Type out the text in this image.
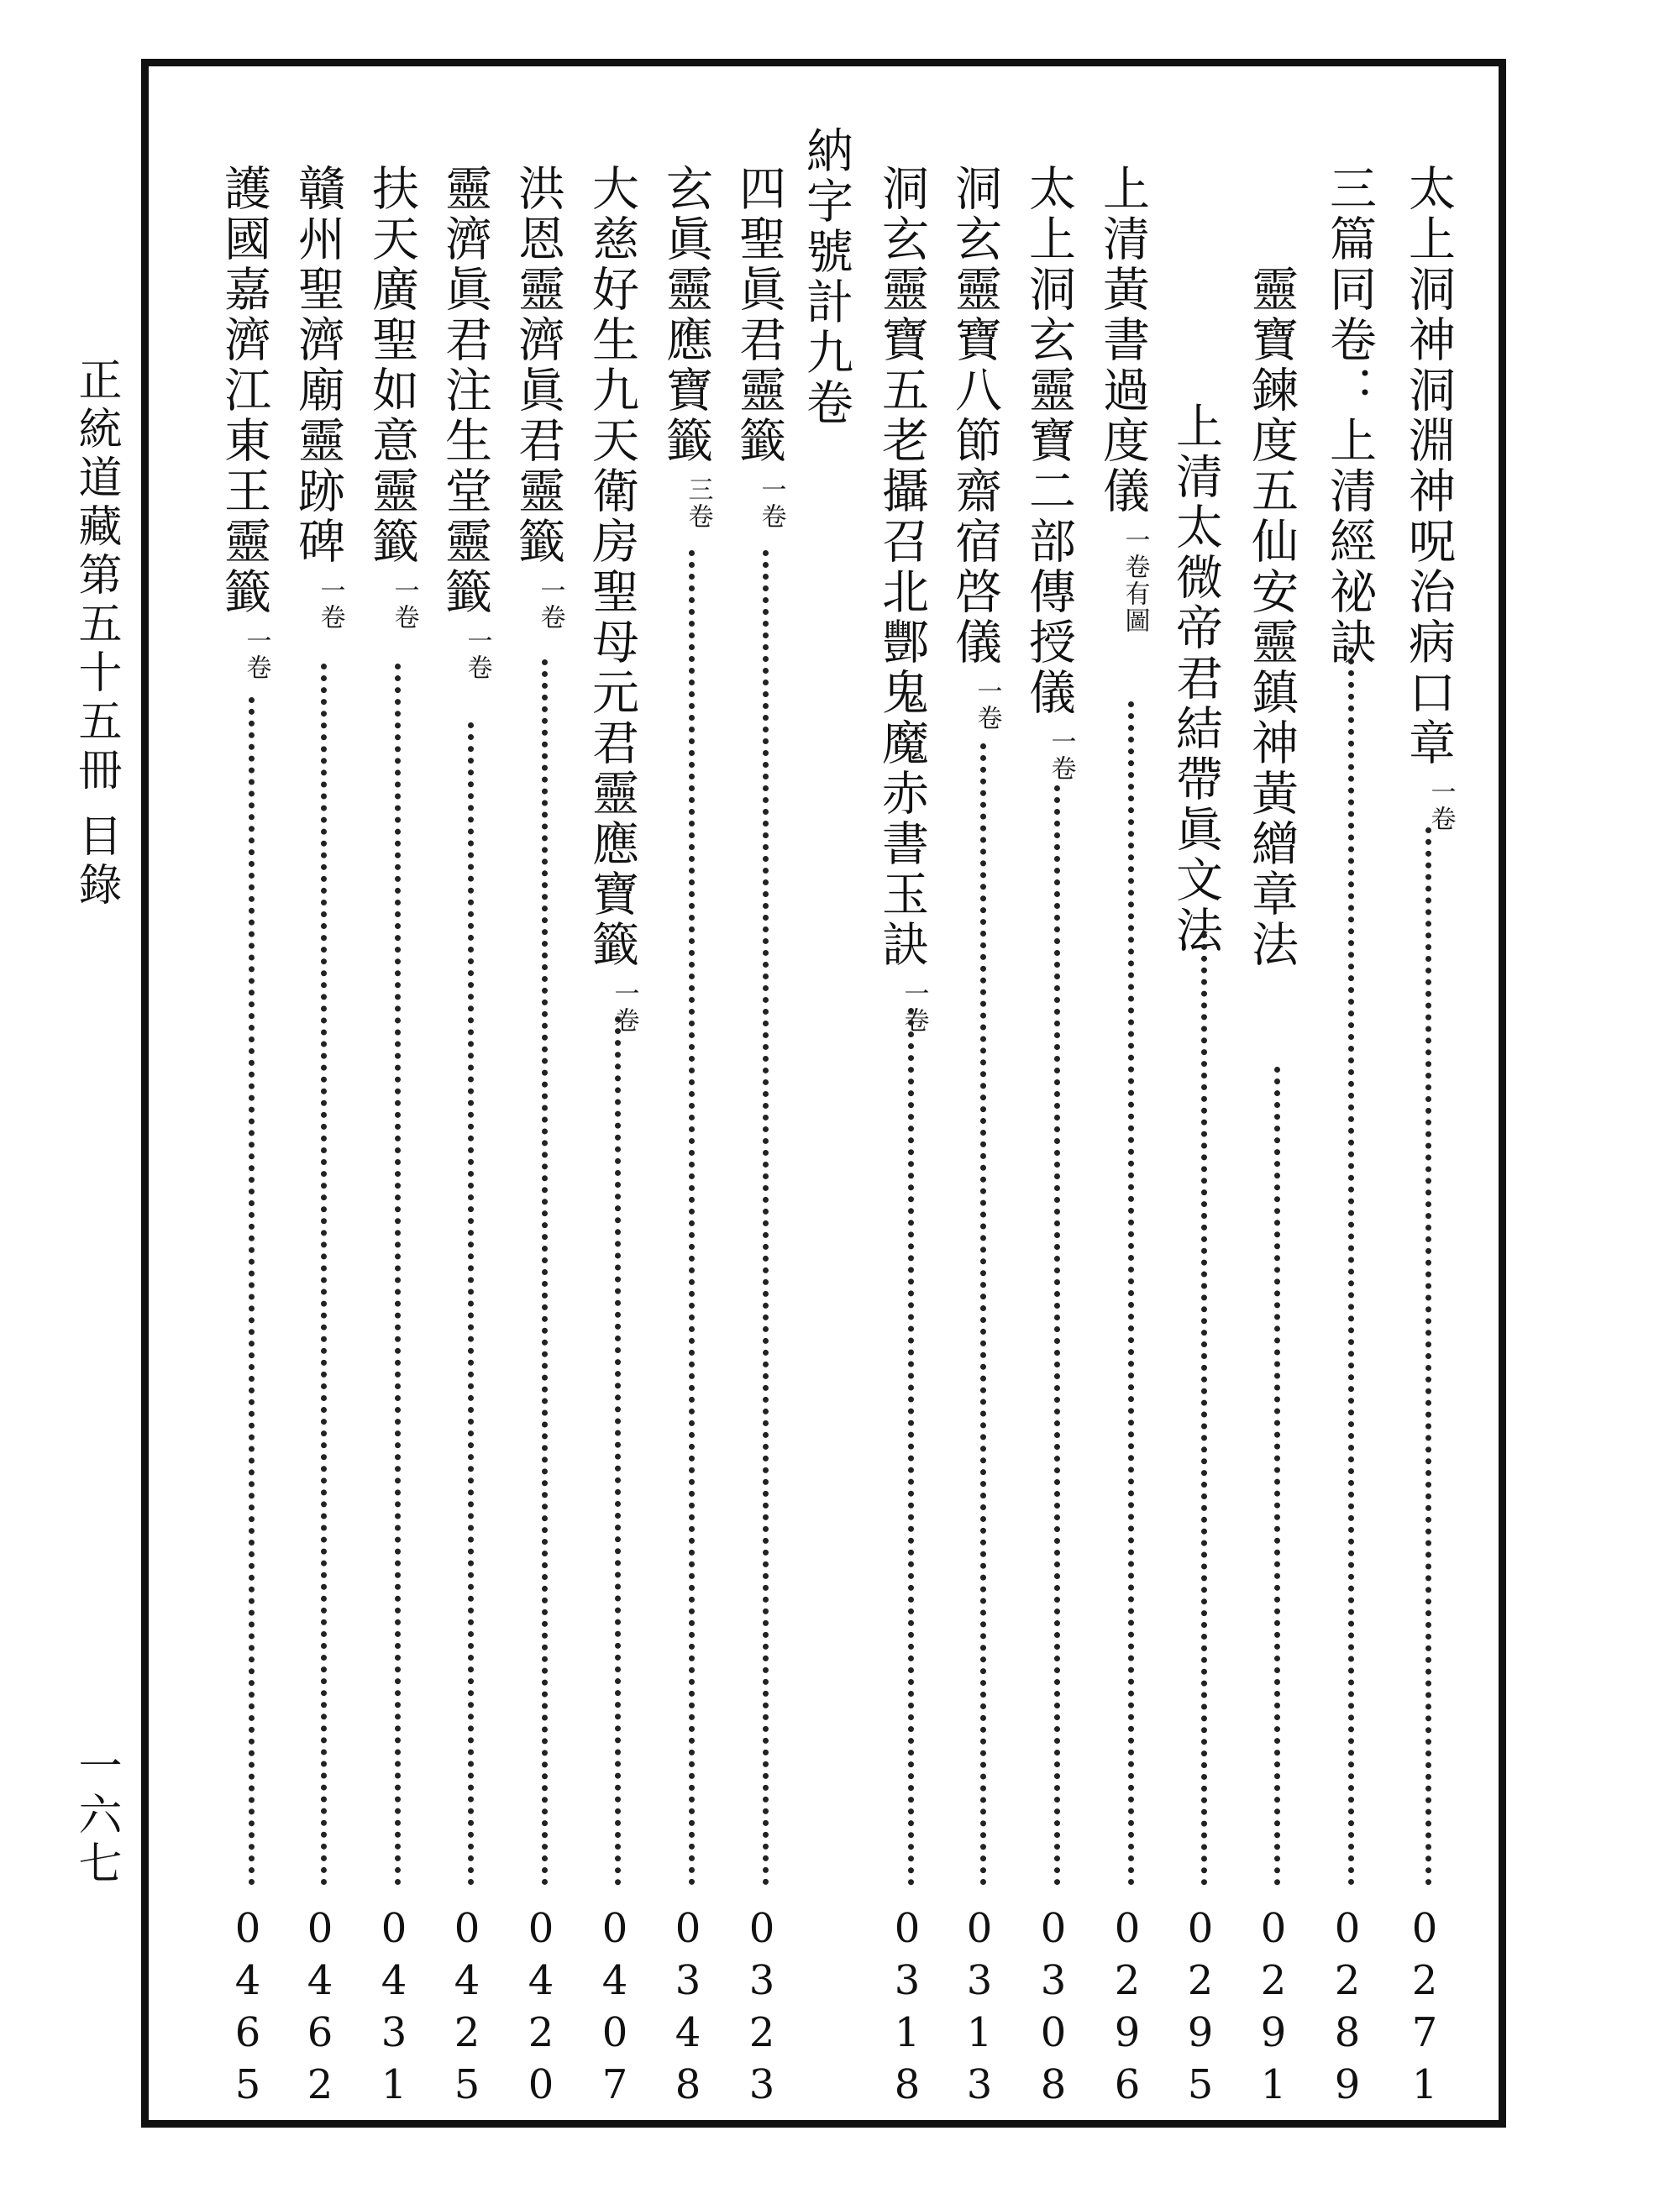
太上洞神洞淵神呪治病口章一卷
0271
三篇同卷：上清經祕訣
0289
靈寶鍊度五仙安靈鎮神黃繒章法
0291
上清太微帝君結帶眞文法
0295
上清黃書過度儀一卷有圖
0296
太上洞玄靈寶二部傳授儀一卷
0308
洞玄靈寶八節齋宿啓儀一卷
0313
洞玄靈寶五老攝召北酆鬼魔赤書玉訣一卷
0318
納字號計九卷
四聖眞君靈籤一卷
0323
玄眞靈應寶籤三卷
0348
大慈好生九天衛房聖母元君靈應寶籤一卷
0407
洪恩靈濟眞君靈籤一卷
0420
靈濟眞君注生堂靈籤一卷
0425
扶天廣聖如意靈籤一卷
0431
贛州聖濟廟靈跡碑一卷
0462
護國嘉濟江東王靈籤一卷
0465
正統道藏第五十五冊
目錄
一六七
